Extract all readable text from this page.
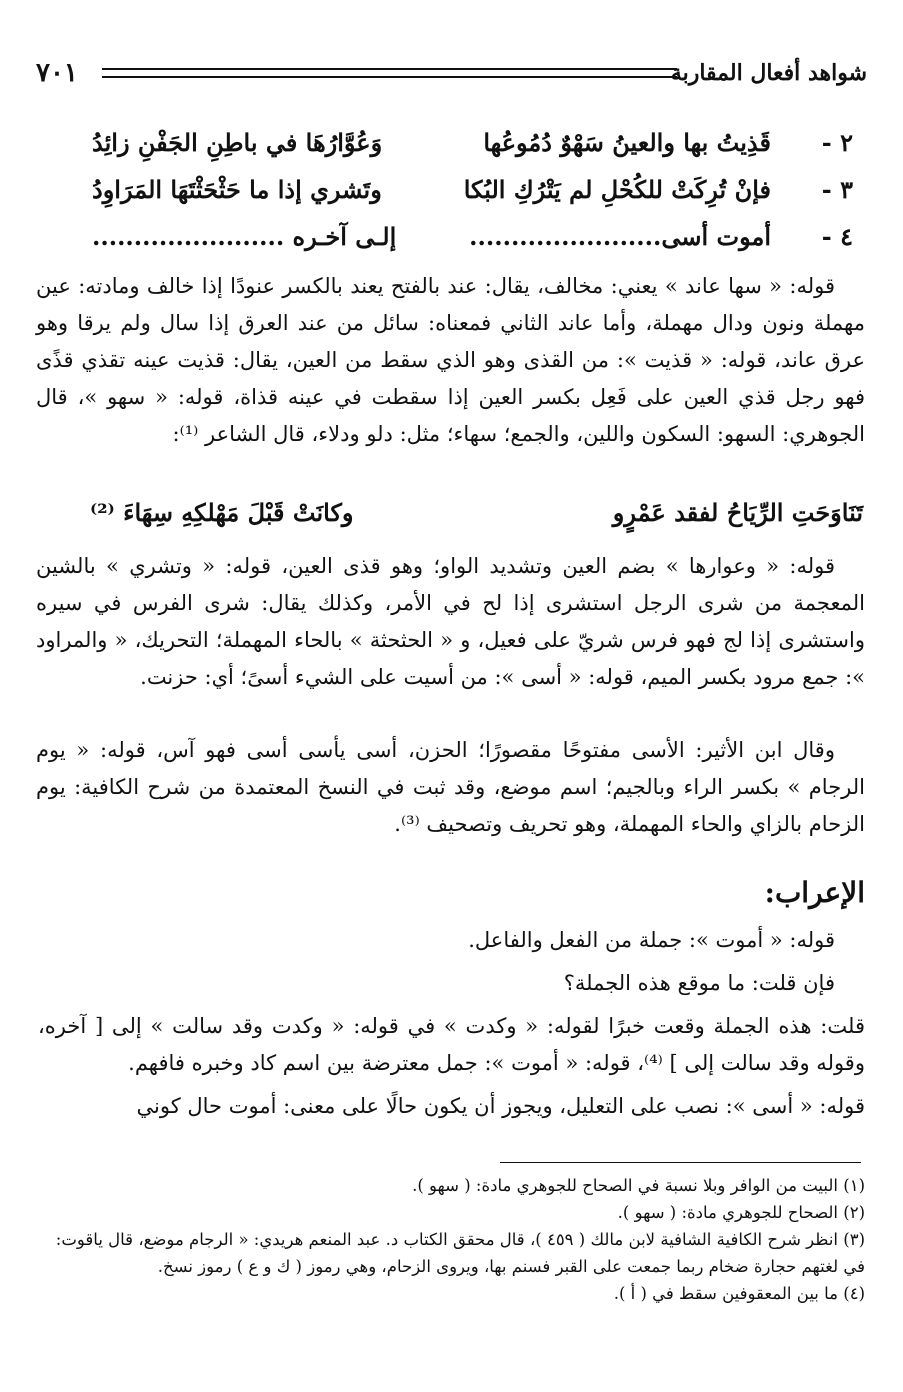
شواهد أفعال المقاربة
٧٠١
٢ -
قَذِيتُ بها والعينُ سَهْوٌ دُمُوعُها
وَعُوَّارُهَا في باطِنِ الجَفْنِ زائِدُ
٣ -
فإنْ تُرِكَتْ للكُحْلِ لم يَتْرُكِ البُكا
وتَشري إذا ما حَثْحَثْتَهَا المَرَاوِدُ
٤ -
أموت أسى.......................
إلـى آخـره .......................

قوله: « سها عاند » يعني: مخالف، يقال: عند بالفتح يعند بالكسر عنودًا إذا خالف ومادته: عين مهملة ونون ودال مهملة، وأما عاند الثاني فمعناه: سائل من عند العرق إذا سال ولم يرقا وهو عرق عاند، قوله: « قذيت »: من القذى وهو الذي سقط من العين، يقال: قذيت عينه تقذي قذًى فهو رجل قذي العين على فَعِل بكسر العين إذا سقطت في عينه قذاة، قوله: « سهو »، قال الجوهري: السهو: السكون واللين، والجمع؛ سهاء؛ مثل: دلو ودلاء، قال الشاعر ⁽¹⁾:

تَنَاوَحَتِ الرِّيَاحُ لفقد عَمْرٍو
وكانَتْ قَبْلَ مَهْلكِهِ سِهَاءَ ⁽²⁾

قوله: « وعوارها » بضم العين وتشديد الواو؛ وهو قذى العين، قوله: « وتشري » بالشين المعجمة من شرى الرجل استشرى إذا لح في الأمر، وكذلك يقال: شرى الفرس في سيره واستشرى إذا لج فهو فرس شريّ على فعيل، و « الحثحثة » بالحاء المهملة؛ التحريك، « والمراود »: جمع مرود بكسر الميم، قوله: « أسى »: من أسيت على الشيء أسىً؛ أي: حزنت.

وقال ابن الأثير: الأسى مفتوحًا مقصورًا؛ الحزن، أسى يأسى أسى فهو آس، قوله: « يوم الرجام » بكسر الراء وبالجيم؛ اسم موضع، وقد ثبت في النسخ المعتمدة من شرح الكافية: يوم الزحام بالزاي والحاء المهملة، وهو تحريف وتصحيف ⁽³⁾.

الإعراب:

قوله: « أموت »: جملة من الفعل والفاعل.

فإن قلت: ما موقع هذه الجملة؟

قلت: هذه الجملة وقعت خبرًا لقوله: « وكدت » في قوله: « وكدت وقد سالت » إلى [ آخره، وقوله وقد سالت إلى ] ⁽⁴⁾، قوله: « أموت »: جمل معترضة بين اسم كاد وخبره فافهم.

قوله: « أسى »: نصب على التعليل، ويجوز أن يكون حالًا على معنى: أموت حال كوني

(١) البيت من الوافر وبلا نسبة في الصحاح للجوهري مادة: ( سهو ).

(٢) الصحاح للجوهري مادة: ( سهو ).

(٣) انظر شرح الكافية الشافية لابن مالك ( ٤٥٩ )، قال محقق الكتاب د. عبد المنعم هريدي: « الرجام موضع، قال ياقوت: في لغتهم حجارة ضخام ربما جمعت على القبر فسنم بها، ويروى الزحام، وهي رموز ( ك و ع ) رموز نسخ.

(٤) ما بين المعقوفين سقط في ( أ ).
